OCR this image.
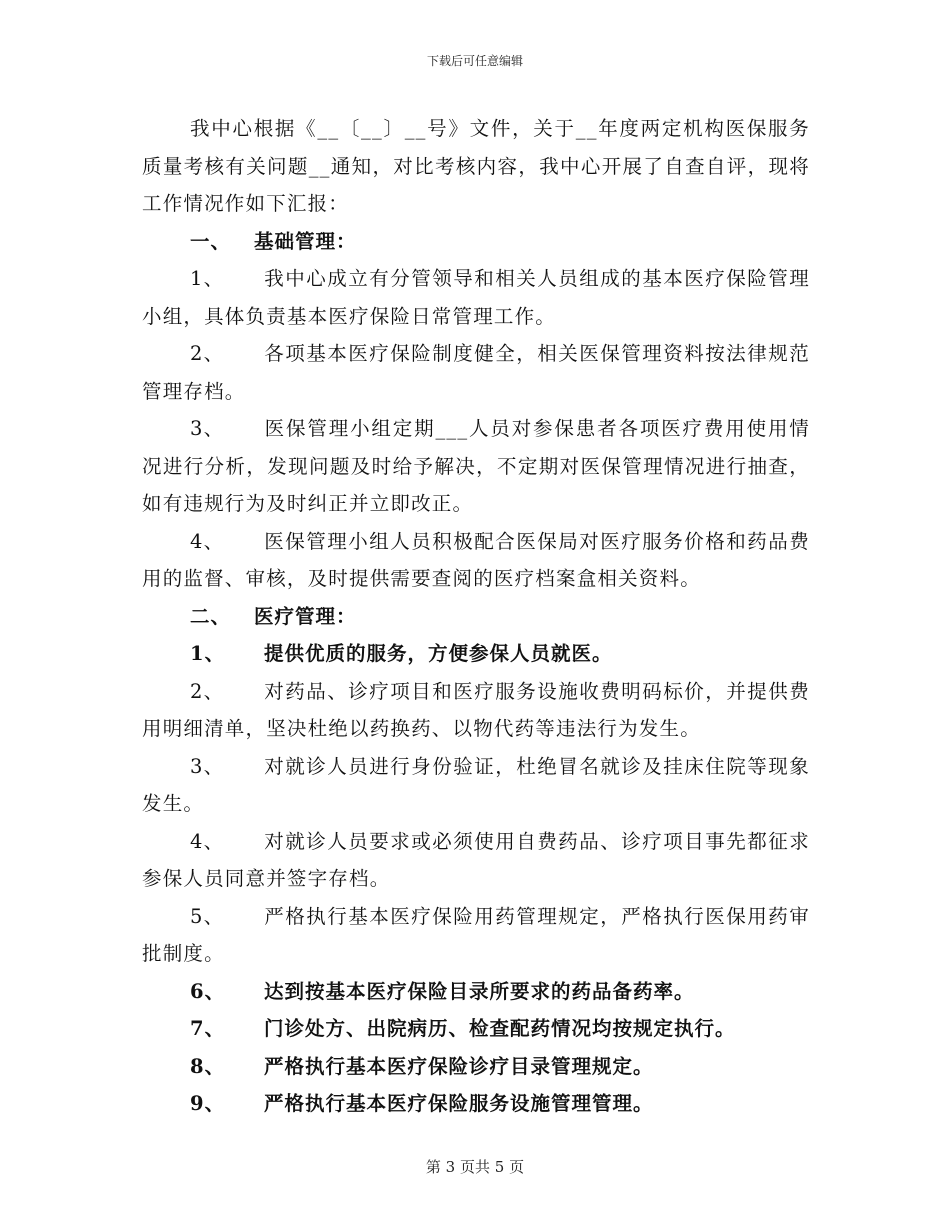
下载后可任意编辑

我中心根据《__〔__〕__号》文件，关于__年度两定机构医保服务质量考核有关问题__通知，对比考核内容，我中心开展了自查自评，现将工作情况作如下汇报：

一、 基础管理：

1、 我中心成立有分管领导和相关人员组成的基本医疗保险管理小组，具体负责基本医疗保险日常管理工作。

2、 各项基本医疗保险制度健全，相关医保管理资料按法律规范管理存档。

3、 医保管理小组定期___人员对参保患者各项医疗费用使用情况进行分析，发现问题及时给予解决，不定期对医保管理情况进行抽查，如有违规行为及时纠正并立即改正。

4、 医保管理小组人员积极配合医保局对医疗服务价格和药品费用的监督、审核，及时提供需要查阅的医疗档案盒相关资料。

二、 医疗管理：

1、 提供优质的服务，方便参保人员就医。

2、 对药品、诊疗项目和医疗服务设施收费明码标价，并提供费用明细清单，坚决杜绝以药换药、以物代药等违法行为发生。

3、 对就诊人员进行身份验证，杜绝冒名就诊及挂床住院等现象发生。

4、 对就诊人员要求或必须使用自费药品、诊疗项目事先都征求参保人员同意并签字存档。

5、 严格执行基本医疗保险用药管理规定，严格执行医保用药审批制度。

6、 达到按基本医疗保险目录所要求的药品备药率。

7、 门诊处方、出院病历、检查配药情况均按规定执行。

8、 严格执行基本医疗保险诊疗目录管理规定。

9、 严格执行基本医疗保险服务设施管理管理。

第 3 页共 5 页
